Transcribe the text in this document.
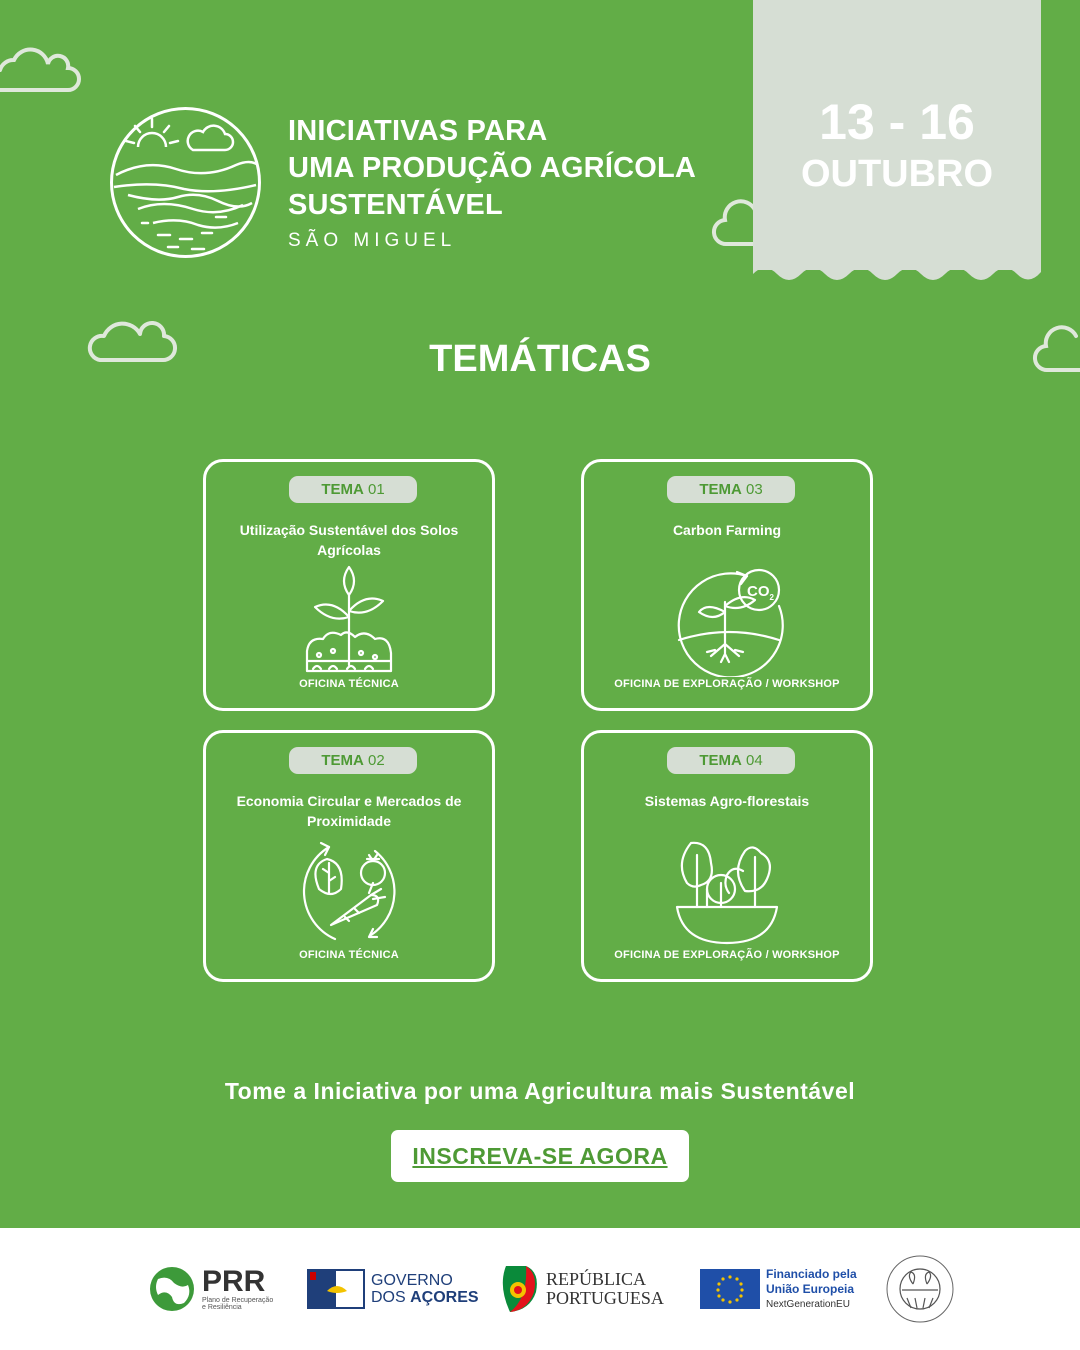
INICIATIVAS PARA
UMA PRODUÇÃO AGRÍCOLA
SUSTENTÁVEL
SÃO MIGUEL
13 - 16
OUTUBRO
TEMÁTICAS
TEMA 01
Utilização Sustentável dos Solos Agrícolas
OFICINA TÉCNICA
TEMA 03
Carbon Farming
$CO_2$
OFICINA DE EXPLORAÇÃO / WORKSHOP
TEMA 02
Economia Circular e Mercados de Proximidade
OFICINA TÉCNICA
TEMA 04
Sistemas Agro-florestais
OFICINA DE EXPLORAÇÃO / WORKSHOP
Tome a Iniciativa por uma Agricultura mais Sustentável
INSCREVA-SE AGORA
PRR
Plano de Recuperação
e Resiliência
GOVERNO
DOS AÇORES
REPÚBLICA
PORTUGUESA
Financiado pela
União Europeia
NextGenerationEU
